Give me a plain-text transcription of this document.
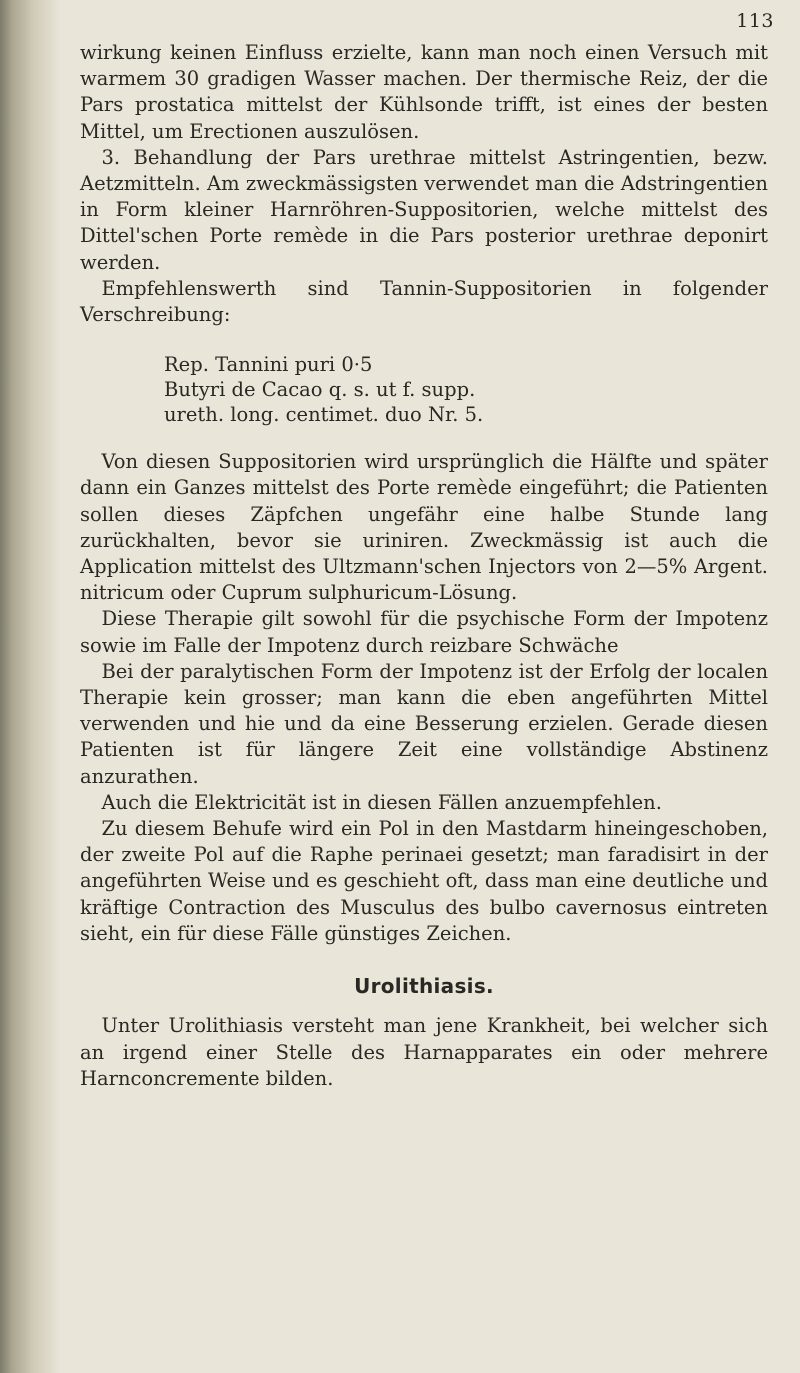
113

wirkung keinen Einfluss erzielte, kann man noch einen Versuch mit warmem 30 gradigen Wasser machen. Der thermische Reiz, der die Pars prostatica mittelst der Kühlsonde trifft, ist eines der besten Mittel, um Erectionen auszulösen.

3. Behandlung der Pars urethrae mittelst Astringentien, bezw. Aetzmitteln. Am zweckmässigsten verwendet man die Adstringentien in Form kleiner Harnröhren-Suppositorien, welche mittelst des Dittel'schen Porte remède in die Pars posterior urethrae deponirt werden.

Empfehlenswerth sind Tannin-Suppositorien in folgender Verschreibung:

Rep. Tannini puri 0·5
Butyri de Cacao q. s. ut f. supp.
ureth. long. centimet. duo Nr. 5.

Von diesen Suppositorien wird ursprünglich die Hälfte und später dann ein Ganzes mittelst des Porte remède eingeführt; die Patienten sollen dieses Zäpfchen ungefähr eine halbe Stunde lang zurückhalten, bevor sie uriniren. Zweckmässig ist auch die Application mittelst des Ultzmann'schen Injectors von 2—5% Argent. nitricum oder Cuprum sulphuricum-Lösung.

Diese Therapie gilt sowohl für die psychische Form der Impotenz sowie im Falle der Impotenz durch reizbare Schwäche

Bei der paralytischen Form der Impotenz ist der Erfolg der localen Therapie kein grosser; man kann die eben angeführten Mittel verwenden und hie und da eine Besserung erzielen. Gerade diesen Patienten ist für längere Zeit eine vollständige Abstinenz anzurathen.

Auch die Elektricität ist in diesen Fällen anzuempfehlen.

Zu diesem Behufe wird ein Pol in den Mastdarm hineingeschoben, der zweite Pol auf die Raphe perinaei gesetzt; man faradisirt in der angeführten Weise und es geschieht oft, dass man eine deutliche und kräftige Contraction des Musculus des bulbo cavernosus eintreten sieht, ein für diese Fälle günstiges Zeichen.

Urolithiasis.

Unter Urolithiasis versteht man jene Krankheit, bei welcher sich an irgend einer Stelle des Harnapparates ein oder mehrere Harnconcremente bilden.
